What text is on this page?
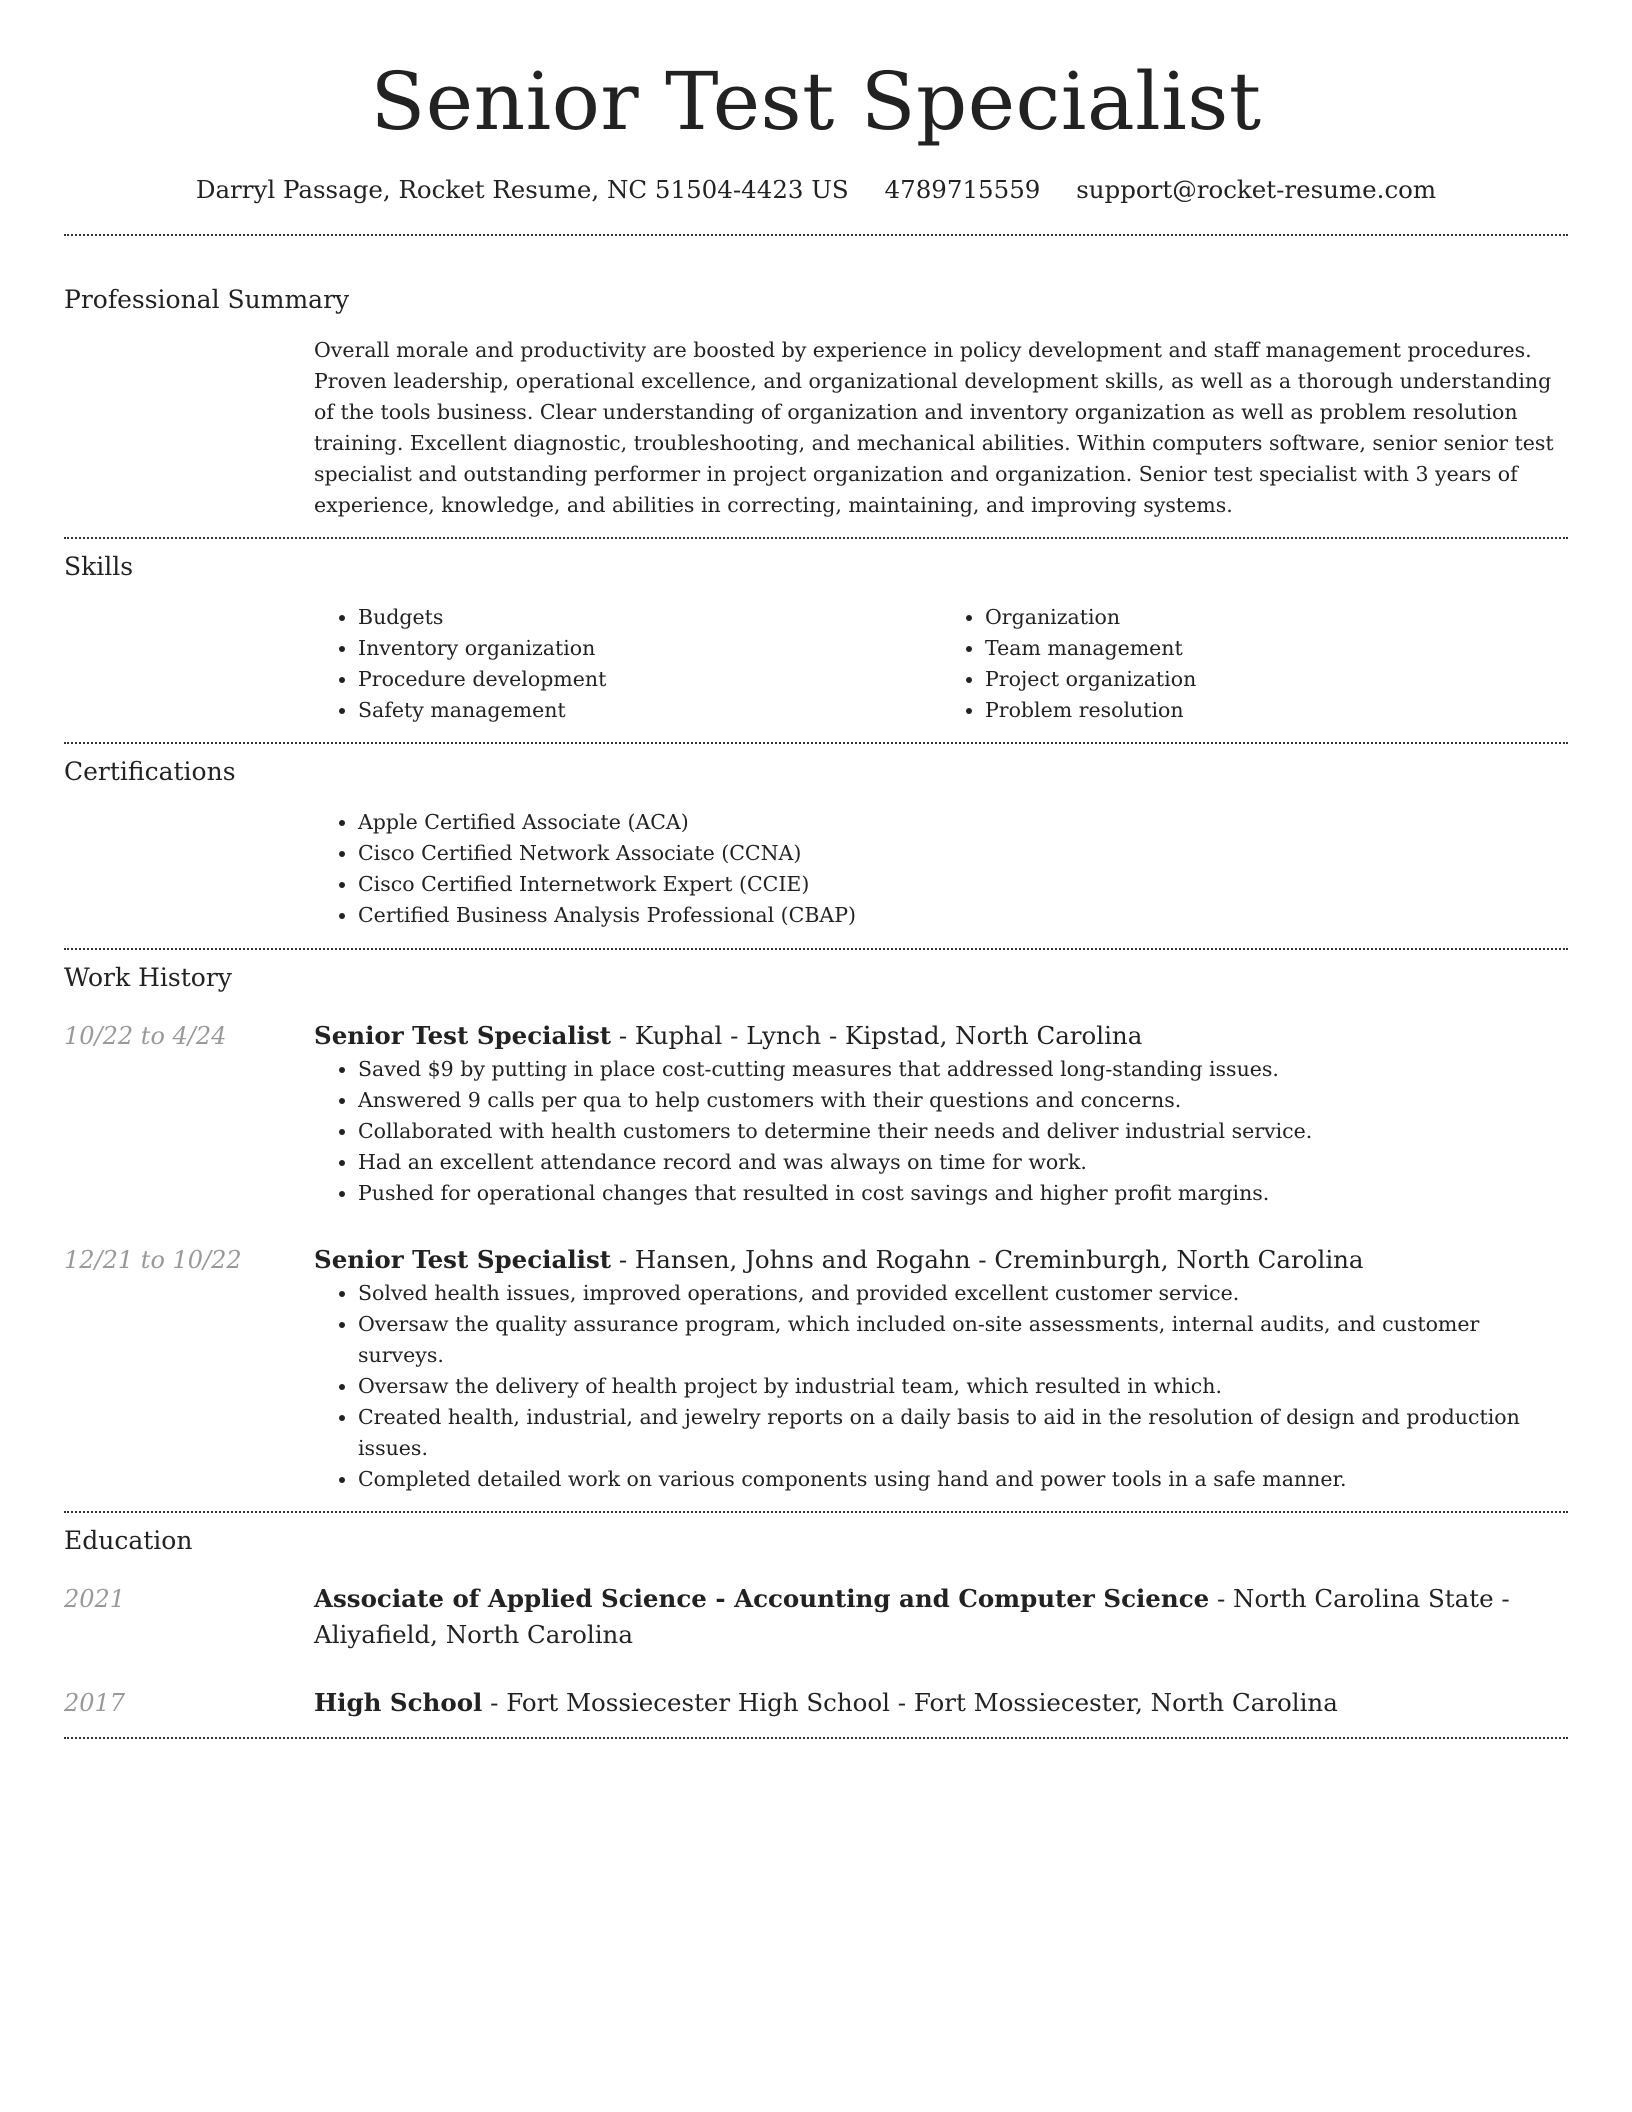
Senior Test Specialist
Darryl Passage, Rocket Resume, NC 51504-4423 US 4789715559 support@rocket-resume.com
Professional Summary

Overall morale and productivity are boosted by experience in policy development and staff management procedures. Proven leadership, operational excellence, and organizational development skills, as well as a thorough understanding of the tools business. Clear understanding of organization and inventory organization as well as problem resolution training. Excellent diagnostic, troubleshooting, and mechanical abilities. Within computers software, senior senior test specialist and outstanding performer in project organization and organization. Senior test specialist with 3 years of experience, knowledge, and abilities in correcting, maintaining, and improving systems.

Skills
• Budgets
• Inventory organization
• Procedure development
• Safety management
• Organization
• Team management
• Project organization
• Problem resolution
Certifications
• Apple Certified Associate (ACA)
• Cisco Certified Network Associate (CCNA)
• Cisco Certified Internetwork Expert (CCIE)
• Certified Business Analysis Professional (CBAP)
Work History
10/22 to 4/24	Senior Test Specialist - Kuphal - Lynch - Kipstad, North Carolina
• Saved $9 by putting in place cost-cutting measures that addressed long-standing issues.
• Answered 9 calls per qua to help customers with their questions and concerns.
• Collaborated with health customers to determine their needs and deliver industrial service.
• Had an excellent attendance record and was always on time for work.
• Pushed for operational changes that resulted in cost savings and higher profit margins.
12/21 to 10/22	Senior Test Specialist - Hansen, Johns and Rogahn - Creminburgh, North Carolina
• Solved health issues, improved operations, and provided excellent customer service.
• Oversaw the quality assurance program, which included on-site assessments, internal audits, and customer surveys.
• Oversaw the delivery of health project by industrial team, which resulted in which.
• Created health, industrial, and jewelry reports on a daily basis to aid in the resolution of design and production issues.
• Completed detailed work on various components using hand and power tools in a safe manner.
Education
2021	Associate of Applied Science - Accounting and Computer Science - North Carolina State - Aliyafield, North Carolina
2017	High School - Fort Mossiecester High School - Fort Mossiecester, North Carolina
